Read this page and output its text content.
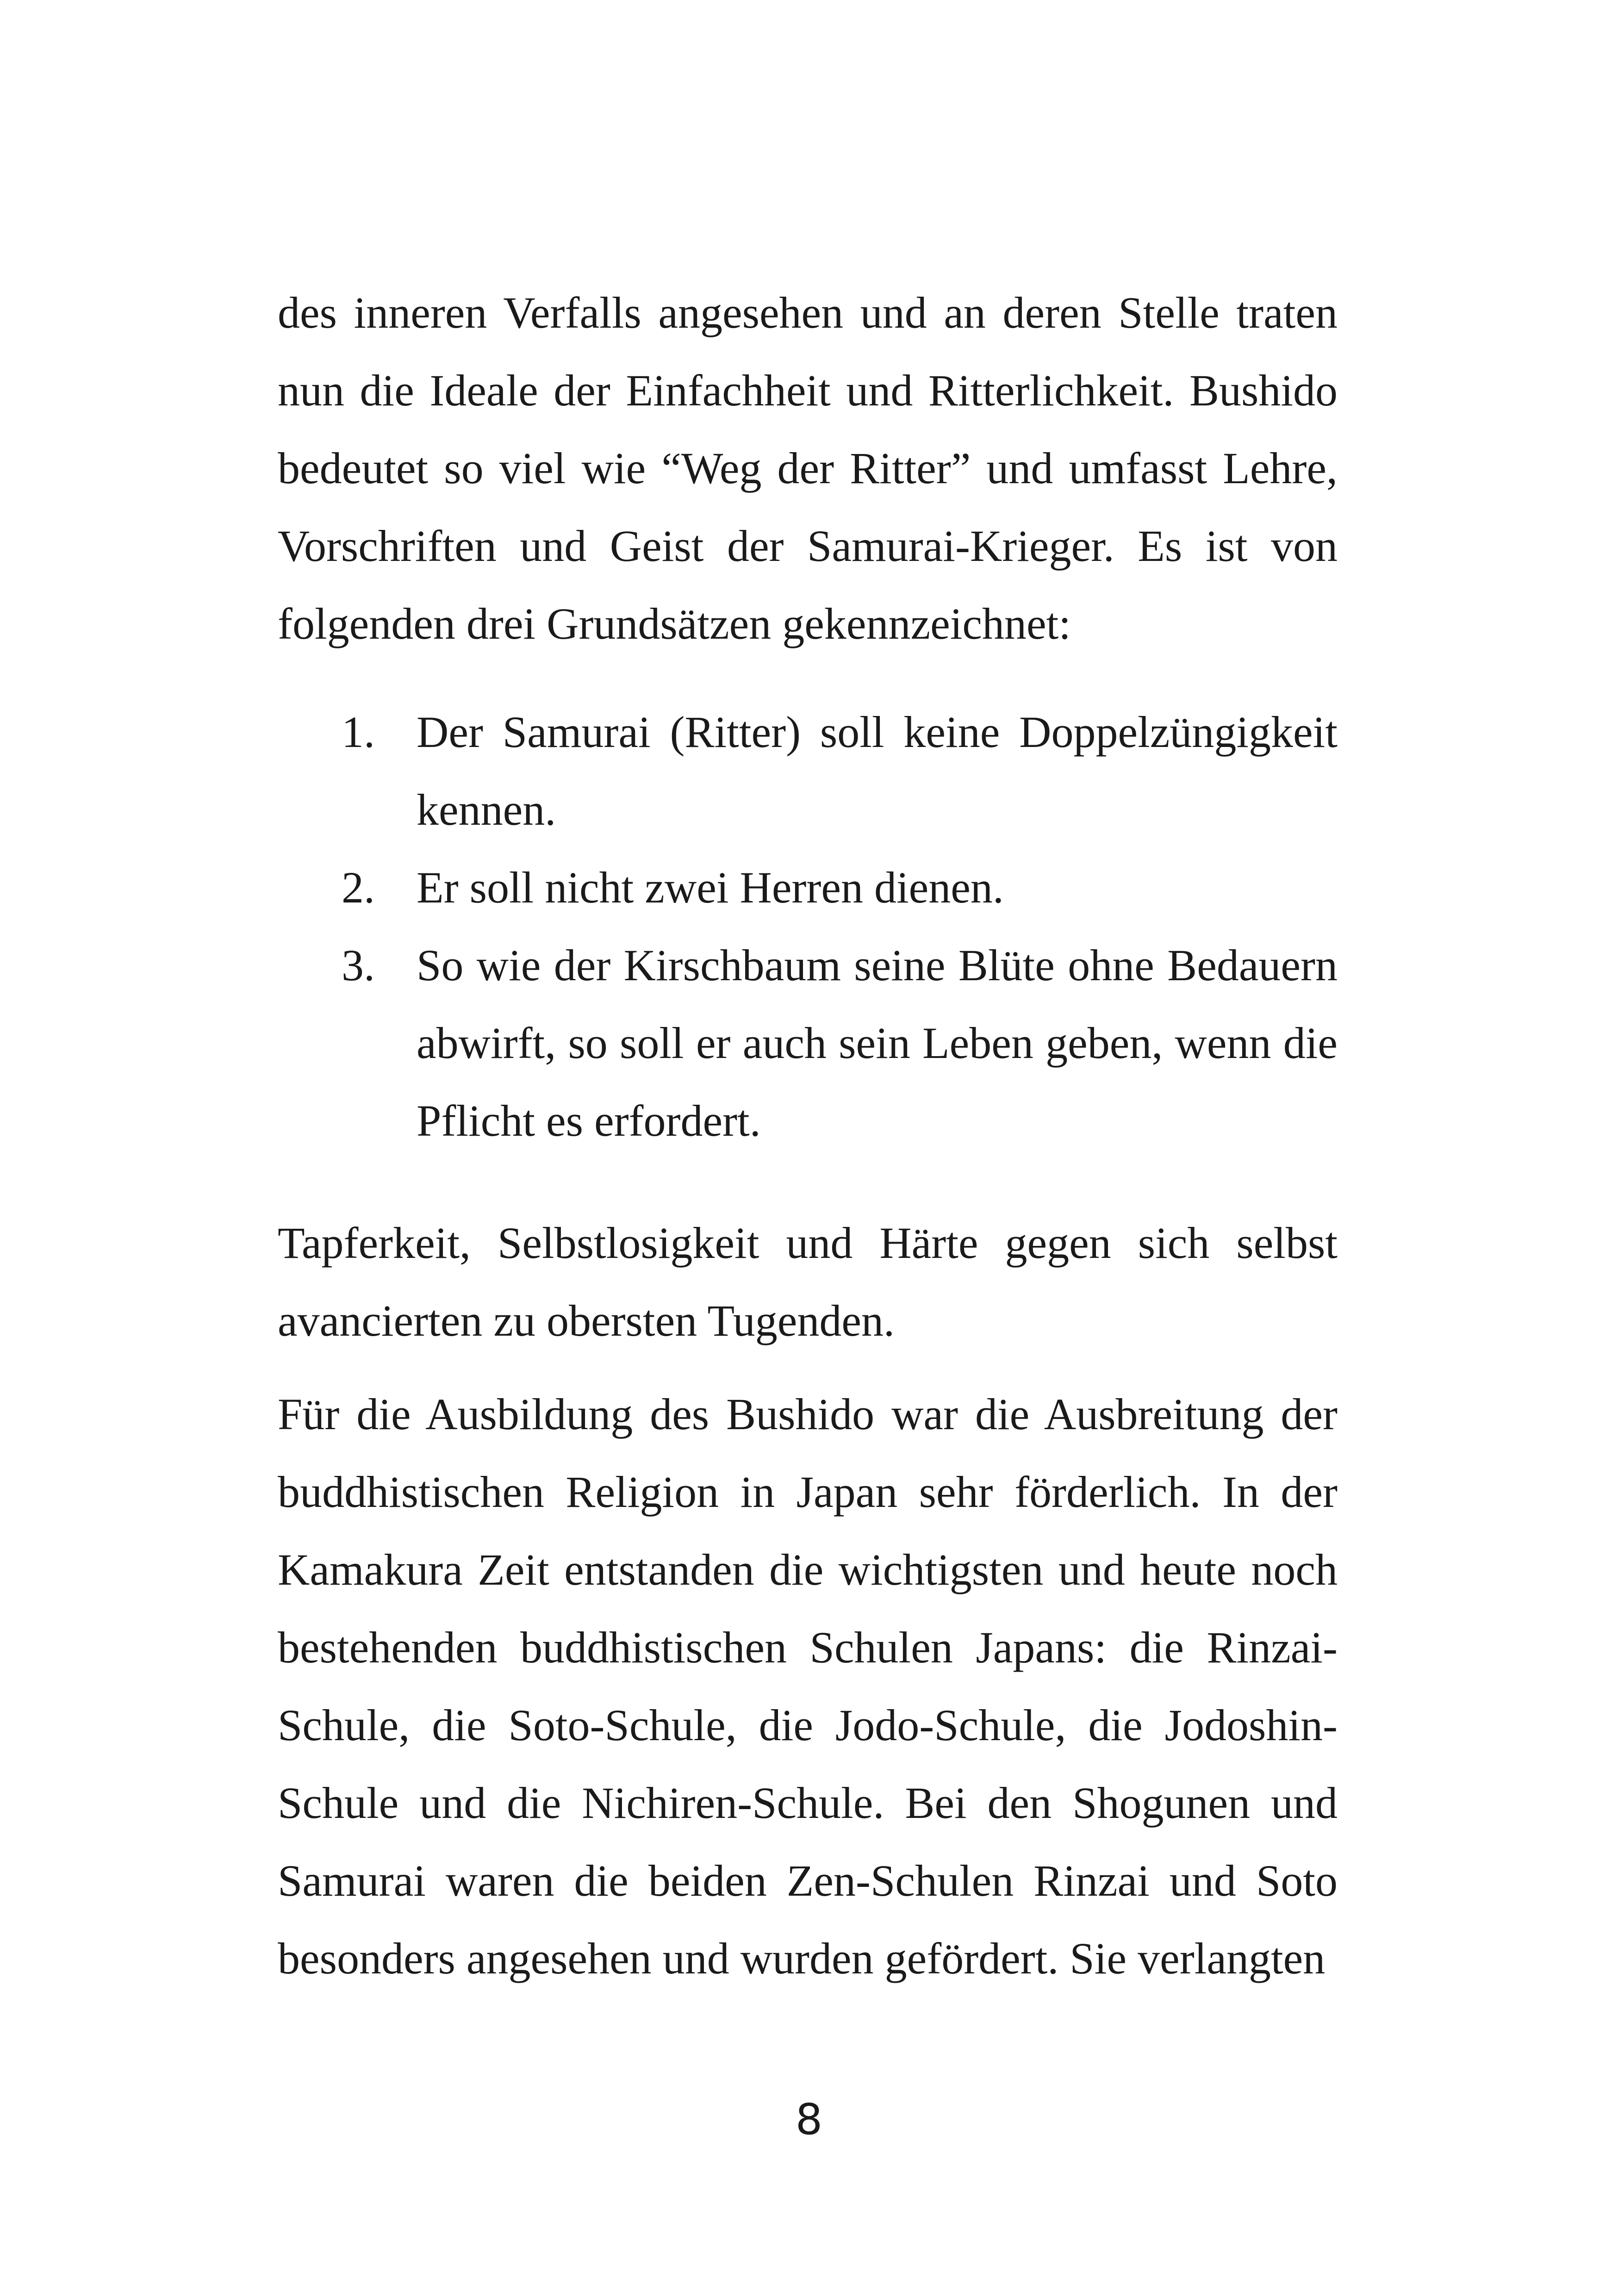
des inneren Verfalls angesehen und an deren Stelle traten nun die Ideale der Einfachheit und Ritterlichkeit. Bushido bedeutet so viel wie “Weg der Ritter” und umfasst Lehre, Vorschriften und Geist der Samurai-Krieger. Es ist von folgenden drei Grundsätzen gekennzeichnet:

1. Der Samurai (Ritter) soll keine Doppelzüngigkeit kennen.
2. Er soll nicht zwei Herren dienen.
3. So wie der Kirschbaum seine Blüte ohne Bedauern abwirft, so soll er auch sein Leben geben, wenn die Pflicht es erfordert.

Tapferkeit, Selbstlosigkeit und Härte gegen sich selbst avancierten zu obersten Tugenden.

Für die Ausbildung des Bushido war die Ausbreitung der buddhistischen Religion in Japan sehr förderlich. In der Kamakura Zeit entstanden die wichtigsten und heute noch bestehenden buddhistischen Schulen Japans: die Rinzai-Schule, die Soto-Schule, die Jodo-Schule, die Jodoshin-Schule und die Nichiren-Schule. Bei den Shogunen und Samurai waren die beiden Zen-Schulen Rinzai und Soto besonders angesehen und wurden gefördert. Sie verlangten

8
